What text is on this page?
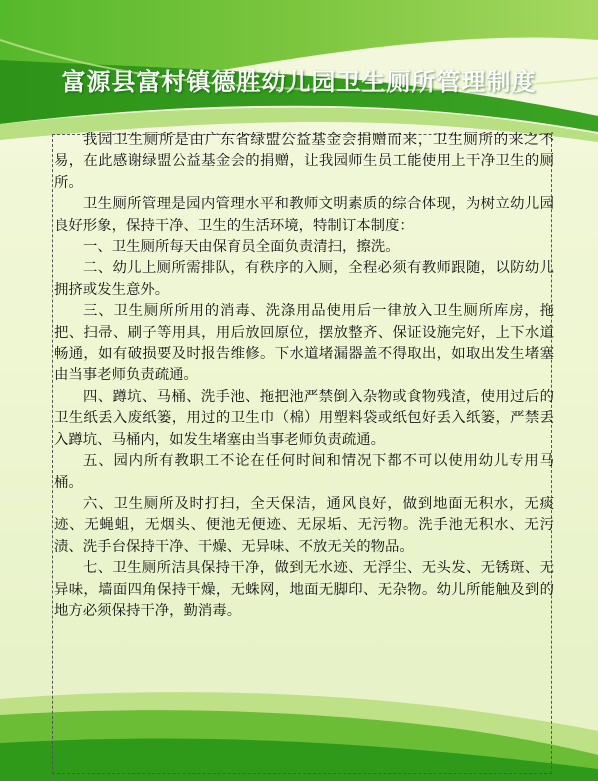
富源县富村镇德胜幼儿园卫生厕所管理制度

我园卫生厕所是由广东省绿盟公益基金会捐赠而来，卫生厕所的来之不易，在此感谢绿盟公益基金会的捐赠，让我园师生员工能使用上干净卫生的厕所。

卫生厕所管理是园内管理水平和教师文明素质的综合体现，为树立幼儿园良好形象，保持干净、卫生的生活环境，特制订本制度：

一、卫生厕所每天由保育员全面负责清扫，擦洗。

二、幼儿上厕所需排队，有秩序的入厕，全程必须有教师跟随，以防幼儿拥挤或发生意外。

三、卫生厕所所用的消毒、洗涤用品使用后一律放入卫生厕所库房，拖把、扫帚、刷子等用具，用后放回原位，摆放整齐、保证设施完好，上下水道畅通，如有破损要及时报告维修。下水道堵漏器盖不得取出，如取出发生堵塞由当事老师负责疏通。

四、蹲坑、马桶、洗手池、拖把池严禁倒入杂物或食物残渣，使用过后的卫生纸丢入废纸篓，用过的卫生巾（棉）用塑料袋或纸包好丢入纸篓，严禁丢入蹲坑、马桶内，如发生堵塞由当事老师负责疏通。

五、园内所有教职工不论在任何时间和情况下都不可以使用幼儿专用马桶。

六、卫生厕所及时打扫，全天保洁，通风良好，做到地面无积水，无痰迹、无蝇蛆，无烟头、便池无便迹、无尿垢、无污物。洗手池无积水、无污渍、洗手台保持干净、干燥、无异味、不放无关的物品。

七、卫生厕所洁具保持干净，做到无水迹、无浮尘、无头发、无锈斑、无异味，墙面四角保持干燥，无蛛网，地面无脚印、无杂物。幼儿所能触及到的地方必须保持干净，勤消毒。
